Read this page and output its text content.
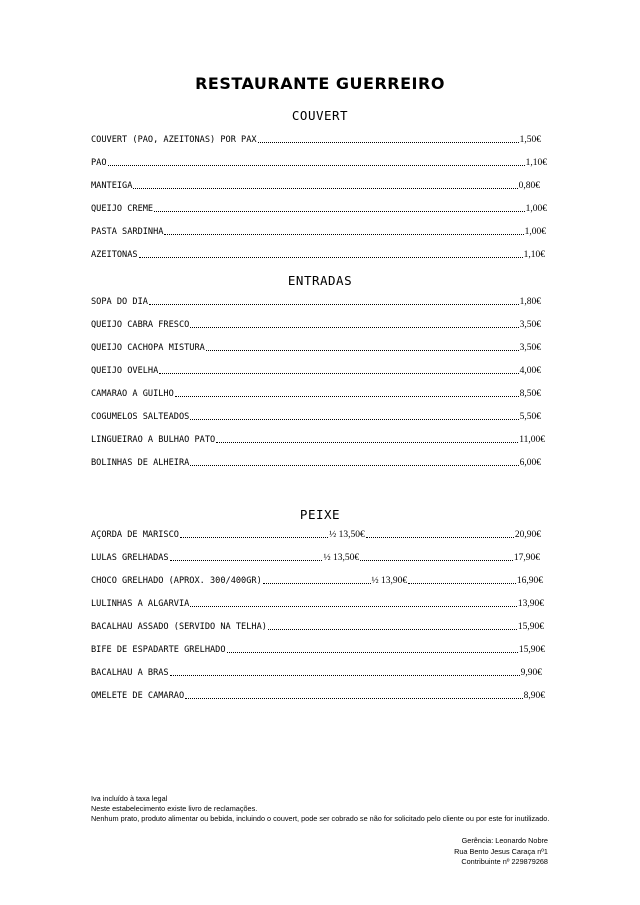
RESTAURANTE GUERREIRO
COUVERT
COUVERT (PÃO, AZEITONAS) POR PAX	1,50€
PÃO	1,10€
MANTEIGA	0,80€
QUEIJO CREME	1,00€
PASTA SARDINHA	1,00€
AZEITONAS	1,10€
ENTRADAS
SOPA DO DIA	1,80€
QUEIJO CABRA FRESCO	3,50€
QUEIJO CACHOPA MISTURA	3,50€
QUEIJO OVELHA	4,00€
CAMARÃO À GUILHO	8,50€
COGUMELOS SALTEADOS	5,50€
LINGUEIRÃO À BULHÃO PATO	11,00€
BOLINHAS DE ALHEIRA	6,00€
PEIXE
AÇORDA DE MARISCO	½ 13,50€	20,90€
LULAS GRELHADAS	½ 13,50€	17,90€
CHOCO GRELHADO (APROX. 300/400GR)	½ 13,90€	16,90€
LULINHAS À ALGARVIA	13,90€
BACALHAU ASSADO (SERVIDO NA TELHA)	15,90€
BIFE DE ESPADARTE GRELHADO	15,90€
BACALHAU À BRÁS	9,90€
OMELETE DE CAMARÃO	8,90€
Iva incluído à taxa legal
Neste estabelecimento existe livro de reclamações.
Nenhum prato, produto alimentar ou bebida, incluindo o couvert, pode ser cobrado se não for solicitado pelo cliente ou por este for inutilizado.
Gerência: Leonardo Nobre
Rua Bento Jesus Caraça nº1
Contribuinte nº 229879268
